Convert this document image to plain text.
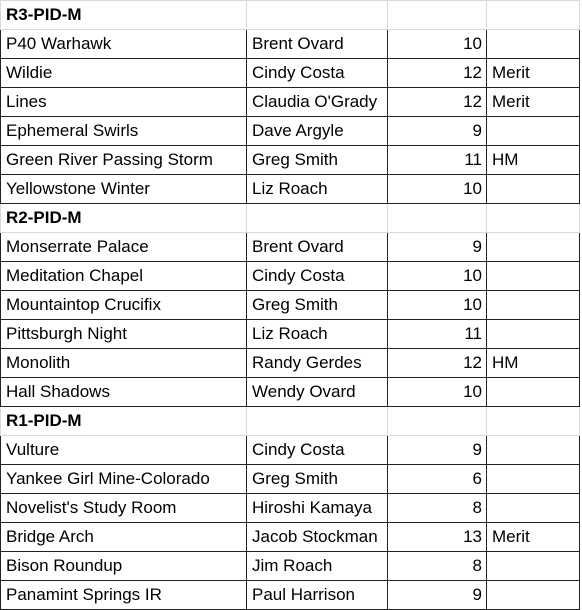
R3-PID-M			
P40 Warhawk	Brent Ovard	10	
Wildie	Cindy Costa	12	Merit
Lines	Claudia O'Grady	12	Merit
Ephemeral Swirls	Dave Argyle	9	
Green River Passing Storm	Greg Smith	11	HM
Yellowstone Winter	Liz Roach	10	
R2-PID-M			
Monserrate Palace	Brent Ovard	9	
Meditation Chapel	Cindy Costa	10	
Mountaintop Crucifix	Greg Smith	10	
Pittsburgh Night	Liz Roach	11	
Monolith	Randy Gerdes	12	HM
Hall Shadows	Wendy Ovard	10	
R1-PID-M			
Vulture	Cindy Costa	9	
Yankee Girl Mine-Colorado	Greg Smith	6	
Novelist's Study Room	Hiroshi Kamaya	8	
Bridge Arch	Jacob Stockman	13	Merit
Bison Roundup	Jim Roach	8	
Panamint Springs IR	Paul Harrison	9	
